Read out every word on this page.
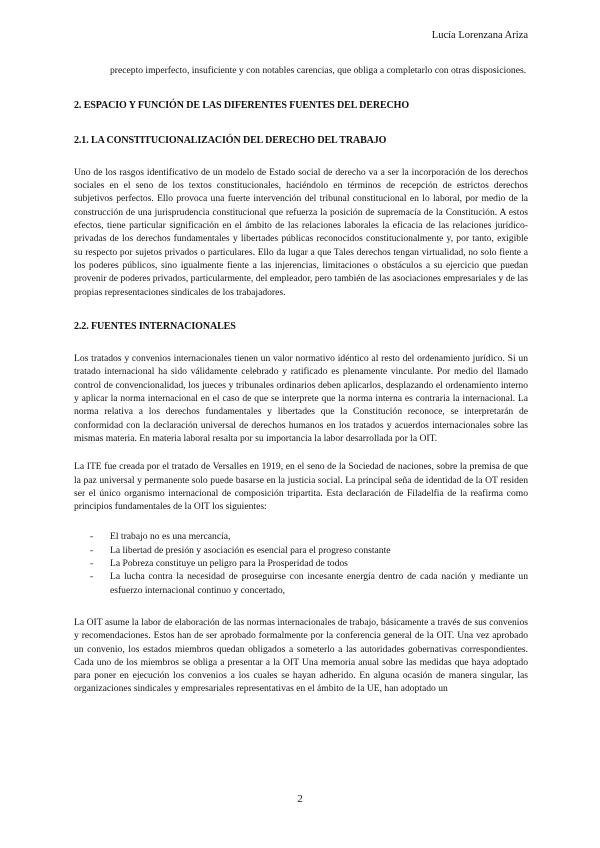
Lucía Lorenzana Ariza

precepto imperfecto, insuficiente y con notables carencias, que obliga a completarlo con otras disposiciones.

2. ESPACIO Y FUNCIÓN DE LAS DIFERENTES FUENTES DEL DERECHO

2.1. LA CONSTITUCIONALIZACIÓN DEL DERECHO DEL TRABAJO

Uno de los rasgos identificativo de un modelo de Estado social de derecho va a ser la incorporación de los derechos sociales en el seno de los textos constitucionales, haciéndolo en términos de recepción de estrictos derechos subjetivos perfectos. Ello provoca una fuerte intervención del tribunal constitucional en lo laboral, por medio de la construcción de una jurisprudencia constitucional que refuerza la posición de supremacía de la Constitución. A estos efectos, tiene particular significación en el ámbito de las relaciones laborales la eficacia de las relaciones jurídico-privadas de los derechos fundamentales y libertades públicas reconocidos constitucionalmente y, por tanto, exigible su respecto por sujetos privados o particulares. Ello da lugar a que Tales derechos tengan virtualidad, no solo fiente a los poderes públicos, sino igualmente fiente a las injerencias, limitaciones o obstáculos a su ejercicio que puedan provenir de poderes privados, particularmente, del empleador, pero también de las asociaciones empresariales y de las propias representaciones sindicales de los trabajadores.

2.2. FUENTES INTERNACIONALES

Los tratados y convenios internacionales tienen un valor normativo idéntico al resto del ordenamiento jurídico. Si un tratado internacional ha sido válidamente celebrado y ratificado es plenamente vinculante. Por medio del llamado control de convencionalidad, los jueces y tribunales ordinarios deben aplicarlos, desplazando el ordenamiento interno y aplicar la norma internacional en el caso de que se interprete que la norma interna es contraria la internacional. La norma relativa a los derechos fundamentales y libertades que la Constitución reconoce, se interpretarán de conformidad con la declaración universal de derechos humanos en los tratados y acuerdos internacionales sobre las mismas materia. En materia laboral resalta por su importancia la labor desarrollada por la OIT.

La ITE fue creada por el tratado de Versalles en 1919, en el seno de la Sociedad de naciones, sobre la premisa de que la paz universal y permanente solo puede basarse en la justicia social. La principal seña de identidad de la OT residen ser el único organismo internacional de composición tripartita. Esta declaración de Filadelfia de la reafirma como principios fundamentales de la OIT los siguientes:

- El trabajo no es una mercancía,
- La libertad de presión y asociación es esencial para el progreso constante
- La Pobreza constituye un peligro para la Prosperidad de todos
- La lucha contra la necesidad de proseguirse con incesante energía dentro de cada nación y mediante un esfuerzo internacional continuo y concertado,

La OIT asume la labor de elaboración de las normas internacionales de trabajo, básicamente a través de sus convenios y recomendaciones. Estos han de ser aprobado formalmente por la conferencia general de la OIT. Una vez aprobado un convenio, los estados miembros quedan obligados a someterlo a las autoridades gobernativas correspondientes. Cada uno de los miembros se obliga a presentar a la OIT Una memoria anual sobre las medidas que haya adoptado para poner en ejecución los convenios a los cuales se hayan adherido. En alguna ocasión de manera singular, las organizaciones sindicales y empresariales representativas en el ámbito de la UE, han adoptado un

2
